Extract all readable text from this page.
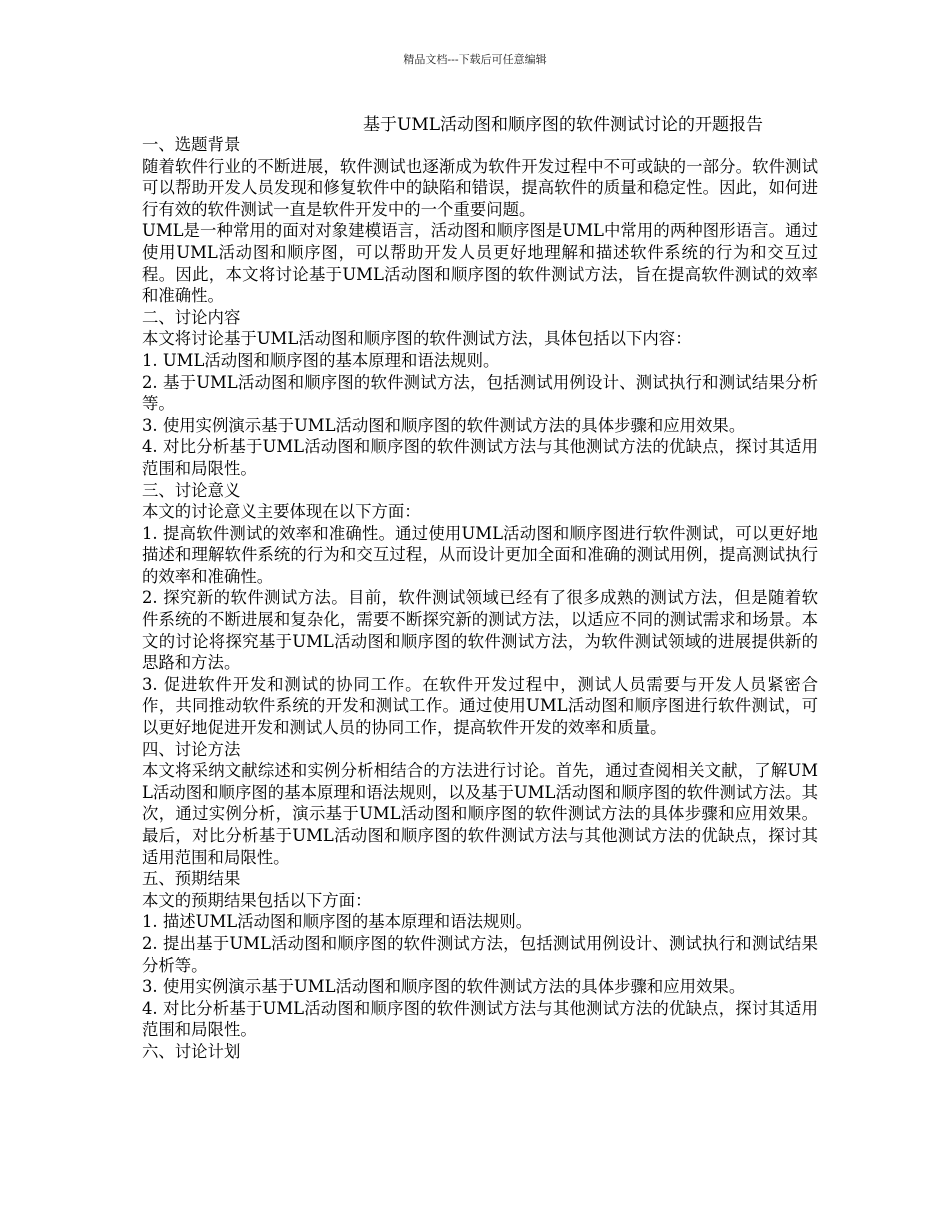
精品文档---下载后可任意编辑
基于UML活动图和顺序图的软件测试讨论的开题报告

一、选题背景

随着软件行业的不断进展，软件测试也逐渐成为软件开发过程中不可或缺的一部分。软件测试可以帮助开发人员发现和修复软件中的缺陷和错误，提高软件的质量和稳定性。因此，如何进行有效的软件测试一直是软件开发中的一个重要问题。

UML是一种常用的面对对象建模语言，活动图和顺序图是UML中常用的两种图形语言。通过使用UML活动图和顺序图，可以帮助开发人员更好地理解和描述软件系统的行为和交互过程。因此，本文将讨论基于UML活动图和顺序图的软件测试方法，旨在提高软件测试的效率和准确性。

二、讨论内容

本文将讨论基于UML活动图和顺序图的软件测试方法，具体包括以下内容：

1. UML活动图和顺序图的基本原理和语法规则。

2. 基于UML活动图和顺序图的软件测试方法，包括测试用例设计、测试执行和测试结果分析等。

3. 使用实例演示基于UML活动图和顺序图的软件测试方法的具体步骤和应用效果。

4. 对比分析基于UML活动图和顺序图的软件测试方法与其他测试方法的优缺点，探讨其适用范围和局限性。

三、讨论意义

本文的讨论意义主要体现在以下方面：

1. 提高软件测试的效率和准确性。通过使用UML活动图和顺序图进行软件测试，可以更好地描述和理解软件系统的行为和交互过程，从而设计更加全面和准确的测试用例，提高测试执行的效率和准确性。

2. 探究新的软件测试方法。目前，软件测试领域已经有了很多成熟的测试方法，但是随着软件系统的不断进展和复杂化，需要不断探究新的测试方法，以适应不同的测试需求和场景。本文的讨论将探究基于UML活动图和顺序图的软件测试方法，为软件测试领域的进展提供新的思路和方法。

3. 促进软件开发和测试的协同工作。在软件开发过程中，测试人员需要与开发人员紧密合作，共同推动软件系统的开发和测试工作。通过使用UML活动图和顺序图进行软件测试，可以更好地促进开发和测试人员的协同工作，提高软件开发的效率和质量。

四、讨论方法

本文将采纳文献综述和实例分析相结合的方法进行讨论。首先，通过查阅相关文献，了解UML活动图和顺序图的基本原理和语法规则，以及基于UML活动图和顺序图的软件测试方法。其次，通过实例分析，演示基于UML活动图和顺序图的软件测试方法的具体步骤和应用效果。最后，对比分析基于UML活动图和顺序图的软件测试方法与其他测试方法的优缺点，探讨其适用范围和局限性。

五、预期结果

本文的预期结果包括以下方面：

1. 描述UML活动图和顺序图的基本原理和语法规则。

2. 提出基于UML活动图和顺序图的软件测试方法，包括测试用例设计、测试执行和测试结果分析等。

3. 使用实例演示基于UML活动图和顺序图的软件测试方法的具体步骤和应用效果。

4. 对比分析基于UML活动图和顺序图的软件测试方法与其他测试方法的优缺点，探讨其适用范围和局限性。

六、讨论计划
